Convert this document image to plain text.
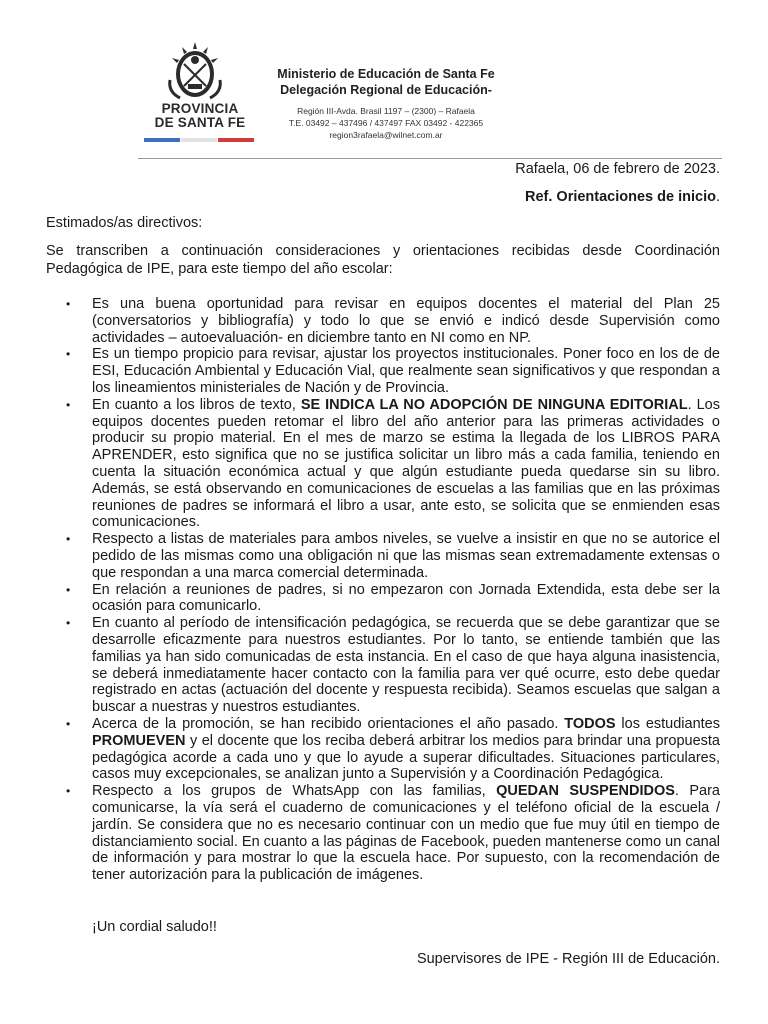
PROVINCIA
DE SANTA FE
Ministerio de Educación de Santa Fe
Delegación Regional de Educación-
Región III-Avda. Brasil 1197 – (2300) – Rafaela
T.E. 03492 – 437496 / 437497 FAX 03492 - 422365
region3rafaela@wilnet.com.ar
Rafaela, 06 de febrero de 2023.
Ref. Orientaciones de inicio.
Estimados/as directivos:
Se transcriben a continuación consideraciones y orientaciones recibidas desde Coordinación Pedagógica de IPE, para este tiempo del año escolar:
• Es una buena oportunidad para revisar en equipos docentes el material del Plan 25 (conversatorios y bibliografía) y todo lo que se envió e indicó desde Supervisión como actividades – autoevaluación- en diciembre tanto en NI como en NP.
• Es un tiempo propicio para revisar, ajustar los proyectos institucionales. Poner foco en los de de ESI, Educación Ambiental y Educación Vial, que realmente sean significativos y que respondan a los lineamientos ministeriales de Nación y de Provincia.
• En cuanto a los libros de texto, SE INDICA LA NO ADOPCIÓN DE NINGUNA EDITORIAL. Los equipos docentes pueden retomar el libro del año anterior para las primeras actividades o producir su propio material. En el mes de marzo se estima la llegada de los LIBROS PARA APRENDER, esto significa que no se justifica solicitar un libro más a cada familia, teniendo en cuenta la situación económica actual y que algún estudiante pueda quedarse sin su libro. Además, se está observando en comunicaciones de escuelas a las familias que en las próximas reuniones de padres se informará el libro a usar, ante esto, se solicita que se enmienden esas comunicaciones.
• Respecto a listas de materiales para ambos niveles, se vuelve a insistir en que no se autorice el pedido de las mismas como una obligación ni que las mismas sean extremadamente extensas o que respondan a una marca comercial determinada.
• En relación a reuniones de padres, si no empezaron con Jornada Extendida, esta debe ser la ocasión para comunicarlo.
• En cuanto al período de intensificación pedagógica, se recuerda que se debe garantizar que se desarrolle eficazmente para nuestros estudiantes. Por lo tanto, se entiende también que las familias ya han sido comunicadas de esta instancia. En el caso de que haya alguna inasistencia, se deberá inmediatamente hacer contacto con la familia para ver qué ocurre, esto debe quedar registrado en actas (actuación del docente y respuesta recibida). Seamos escuelas que salgan a buscar a nuestras y nuestros estudiantes.
• Acerca de la promoción, se han recibido orientaciones el año pasado. TODOS los estudiantes PROMUEVEN y el docente que los reciba deberá arbitrar los medios para brindar una propuesta pedagógica acorde a cada uno y que lo ayude a superar dificultades. Situaciones particulares, casos muy excepcionales, se analizan junto a Supervisión y a Coordinación Pedagógica.
• Respecto a los grupos de WhatsApp con las familias, QUEDAN SUSPENDIDOS. Para comunicarse, la vía será el cuaderno de comunicaciones y el teléfono oficial de la escuela / jardín. Se considera que no es necesario continuar con un medio que fue muy útil en tiempo de distanciamiento social. En cuanto a las páginas de Facebook, pueden mantenerse como un canal de información y para mostrar lo que la escuela hace. Por supuesto, con la recomendación de tener autorización para la publicación de imágenes.
¡Un cordial saludo!!
Supervisores de IPE - Región III de Educación.
